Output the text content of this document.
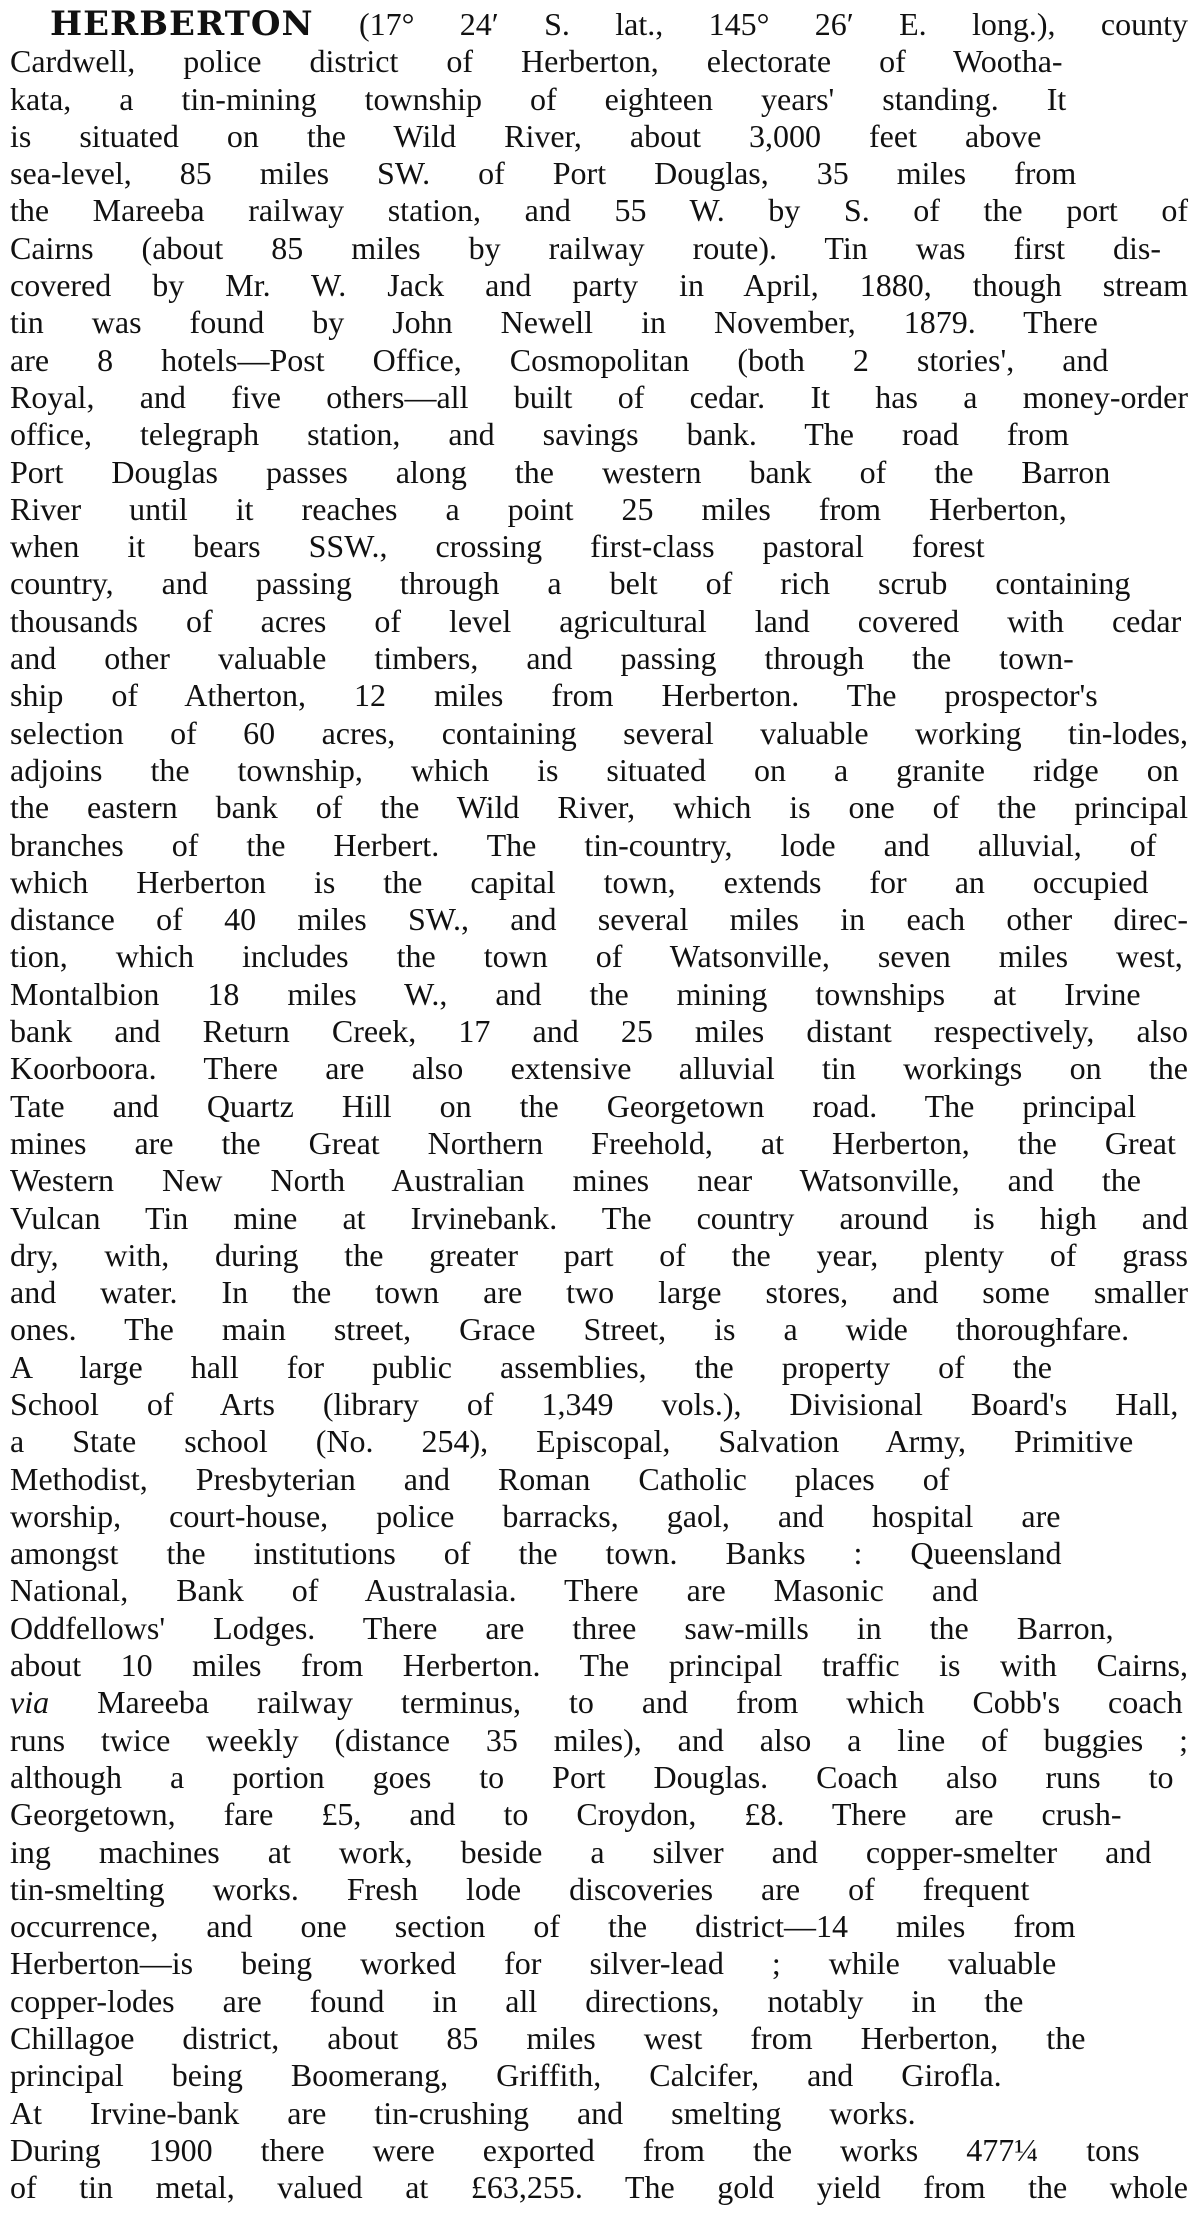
HERBERTON (17° 24′ S. lat., 145° 26′ E. long.), county
Cardwell, police district of Herberton, electorate of Wootha-
kata, a tin-mining township of eighteen years' standing. It
is situated on the Wild River, about 3,000 feet above
sea-level, 85 miles SW. of Port Douglas, 35 miles from
the Mareeba railway station, and 55 W. by S. of the port of
Cairns (about 85 miles by railway route). Tin was first dis-
covered by Mr. W. Jack and party in April, 1880, though stream
tin was found by John Newell in November, 1879. There
are 8 hotels—Post Office, Cosmopolitan (both 2 stories', and
Royal, and five others—all built of cedar. It has a money-order
office, telegraph station, and savings bank. The road from
Port Douglas passes along the western bank of the Barron
River until it reaches a point 25 miles from Herberton,
when it bears SSW., crossing first-class pastoral forest
country, and passing through a belt of rich scrub containing
thousands of acres of level agricultural land covered with cedar
and other valuable timbers, and passing through the town-
ship of Atherton, 12 miles from Herberton. The prospector's
selection of 60 acres, containing several valuable working tin-lodes,
adjoins the township, which is situated on a granite ridge on
the eastern bank of the Wild River, which is one of the principal
branches of the Herbert. The tin-country, lode and alluvial, of
which Herberton is the capital town, extends for an occupied
distance of 40 miles SW., and several miles in each other direc-
tion, which includes the town of Watsonville, seven miles west,
Montalbion 18 miles W., and the mining townships at Irvine
bank and Return Creek, 17 and 25 miles distant respectively, also
Koorboora. There are also extensive alluvial tin workings on the
Tate and Quartz Hill on the Georgetown road. The principal
mines are the Great Northern Freehold, at Herberton, the Great
Western New North Australian mines near Watsonville, and the
Vulcan Tin mine at Irvinebank. The country around is high and
dry, with, during the greater part of the year, plenty of grass
and water. In the town are two large stores, and some smaller
ones. The main street, Grace Street, is a wide thoroughfare.
A large hall for public assemblies, the property of the
School of Arts (library of 1,349 vols.), Divisional Board's Hall,
a State school (No. 254), Episcopal, Salvation Army, Primitive
Methodist, Presbyterian and Roman Catholic places of
worship, court-house, police barracks, gaol, and hospital are
amongst the institutions of the town. Banks : Queensland
National, Bank of Australasia. There are Masonic and
Oddfellows' Lodges. There are three saw-mills in the Barron,
about 10 miles from Herberton. The principal traffic is with Cairns,
via Mareeba railway terminus, to and from which Cobb's coach
runs twice weekly (distance 35 miles), and also a line of buggies ;
although a portion goes to Port Douglas. Coach also runs to
Georgetown, fare £5, and to Croydon, £8. There are crush-
ing machines at work, beside a silver and copper-smelter and
tin-smelting works. Fresh lode discoveries are of frequent
occurrence, and one section of the district—14 miles from
Herberton—is being worked for silver-lead ; while valuable
copper-lodes are found in all directions, notably in the
Chillagoe district, about 85 miles west from Herberton, the
principal being Boomerang, Griffith, Calcifer, and Girofla.
At Irvine-bank are tin-crushing and smelting works.
During 1900 there were exported from the works 477¼ tons
of tin metal, valued at £63,255. The gold yield from the whole
